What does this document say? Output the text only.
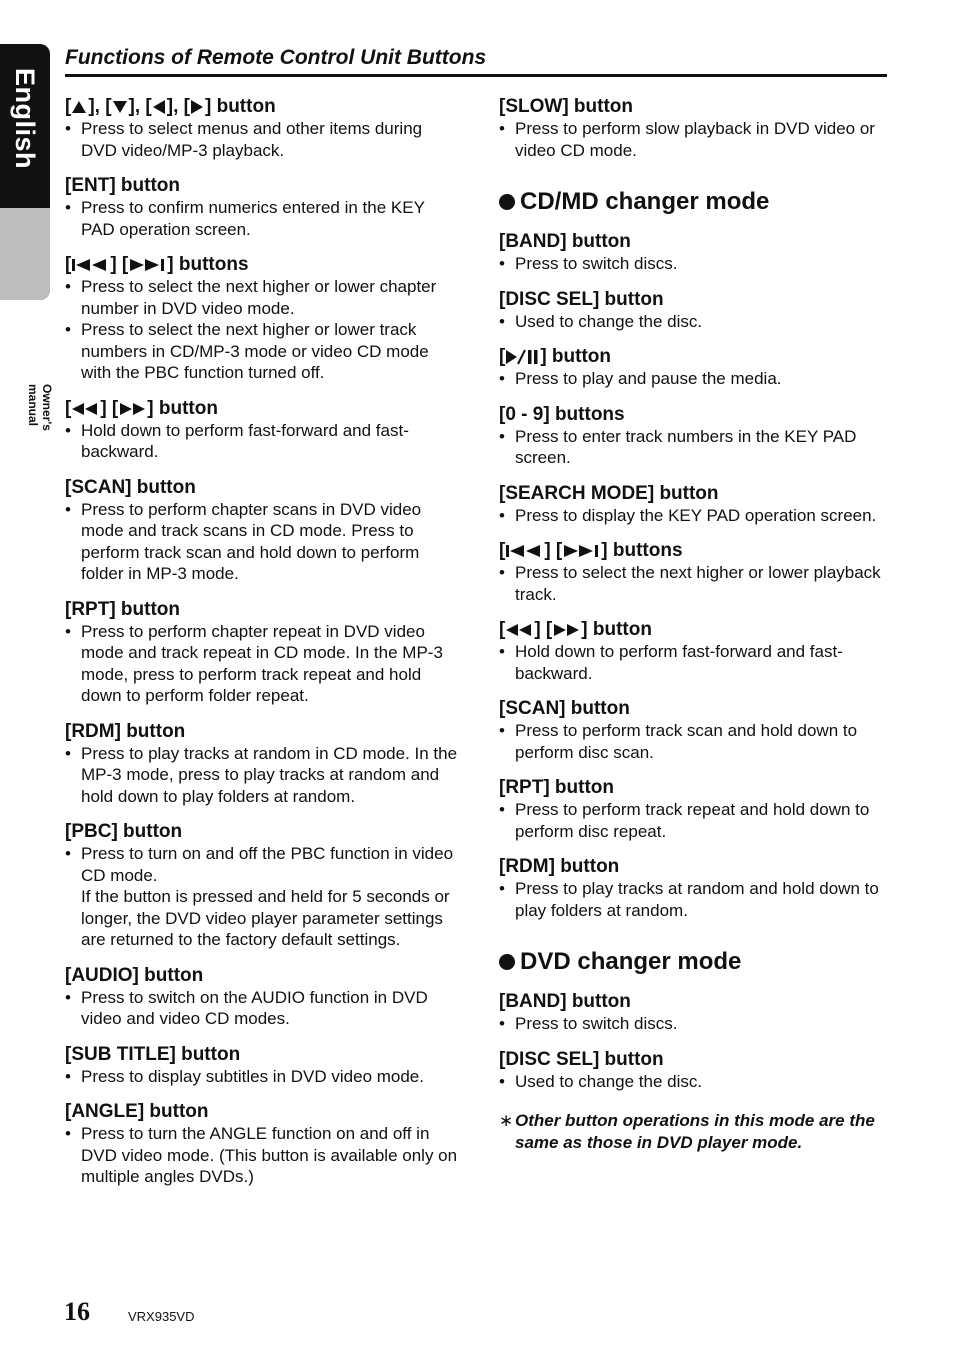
English
Owner's manual
Functions of Remote Control Unit Buttons
[ ], [ ], [ ], [ ] button
• Press to select menus and other items during DVD video/MP-3 playback.
[ENT] button
• Press to confirm numerics entered in the KEY PAD operation screen.
[ ] [ ] buttons
• Press to select the next higher or lower chapter number in DVD video mode.
• Press to select the next higher or lower track numbers in CD/MP-3 mode or video CD mode with the PBC function turned off.
[ ] [ ] button
• Hold down to perform fast-forward and fast-backward.
[SCAN] button
• Press to perform chapter scans in DVD video mode and track scans in CD mode. Press to perform track scan and hold down to perform folder in MP-3 mode.
[RPT] button
• Press to perform chapter repeat in DVD video mode and track repeat in CD mode. In the MP-3 mode, press to perform track repeat and hold down to perform folder repeat.
[RDM] button
• Press to play tracks at random in CD mode. In the MP-3 mode, press to play tracks at random and hold down to play folders at random.
[PBC] button
• Press to turn on and off the PBC function in video CD mode.
If the button is pressed and held for 5 seconds or longer, the DVD video player parameter settings are returned to the factory default settings.
[AUDIO] button
• Press to switch on the AUDIO function in DVD video and video CD modes.
[SUB TITLE] button
• Press to display subtitles in DVD video mode.
[ANGLE] button
• Press to turn the ANGLE function on and off in DVD video mode. (This button is available only on multiple angles DVDs.)
[SLOW] button
• Press to perform slow playback in DVD video or video CD mode.
CD/MD changer mode
[BAND] button
• Press to switch discs.
[DISC SEL] button
• Used to change the disc.
[ ] button
• Press to play and pause the media.
[0 - 9] buttons
• Press to enter track numbers in the KEY PAD screen.
[SEARCH MODE] button
• Press to display the KEY PAD operation screen.
[ ] [ ] buttons
• Press to select the next higher or lower playback track.
[ ] [ ] button
• Hold down to perform fast-forward and fast-backward.
[SCAN] button
• Press to perform track scan and hold down to perform disc scan.
[RPT] button
• Press to perform track repeat and hold down to perform disc repeat.
[RDM] button
• Press to play tracks at random and hold down to play folders at random.
DVD changer mode
[BAND] button
• Press to switch discs.
[DISC SEL] button
• Used to change the disc.
∗ Other button operations in this mode are the same as those in DVD player mode.
16	VRX935VD
